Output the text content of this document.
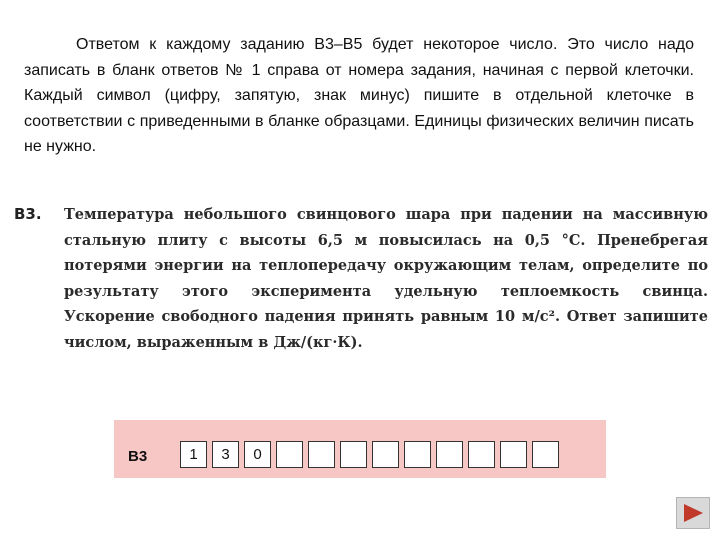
Ответом к каждому заданию В3–В5 будет некоторое число. Это число надо записать в бланк ответов № 1 справа от номера задания, начиная с первой клеточки. Каждый символ (цифру, запятую, знак минус) пишите в отдельной клеточке в соответствии с приведенными в бланке образцами. Единицы физических величин писать не нужно.

В3. Температура небольшого свинцового шара при падении на массивную стальную плиту с высоты 6,5 м повысилась на 0,5 °С. Пренебрегая потерями энергии на теплопередачу окружающим телам, определите по результату этого эксперимента удельную теплоемкость свинца. Ускорение свободного падения принять равным 10 м/с². Ответ запишите числом, выраженным в Дж/(кг·К).
В3	1	3	0
